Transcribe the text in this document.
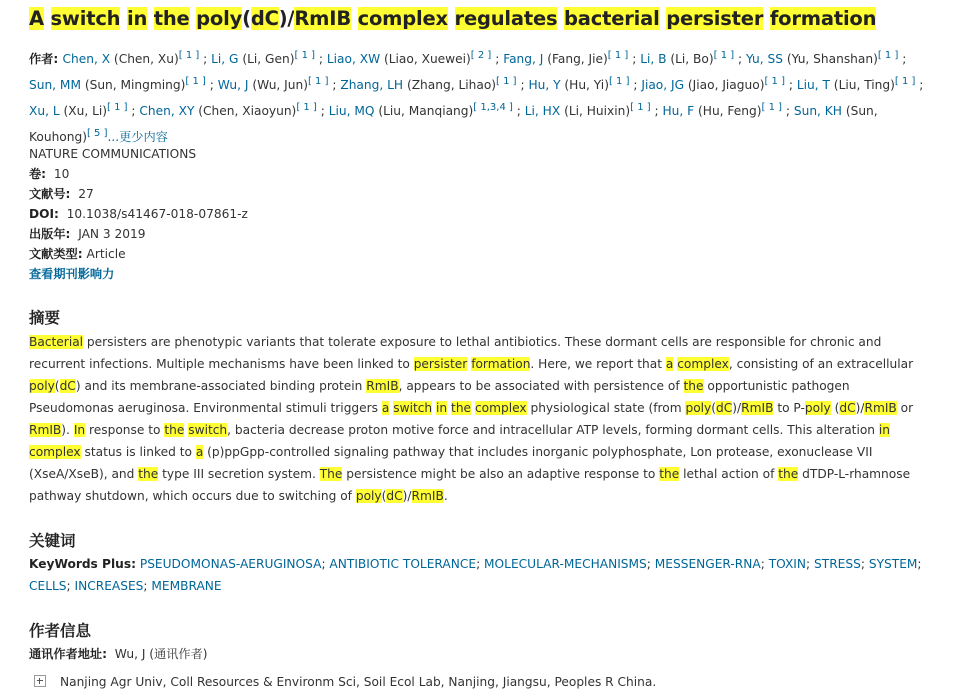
A switch in the poly(dC)/RmIB complex regulates bacterial persister formation
作者: Chen, X (Chen, Xu)[ 1 ] ; Li, G (Li, Gen)[ 1 ] ; Liao, XW (Liao, Xuewei)[ 2 ] ; Fang, J (Fang, Jie)[ 1 ] ; Li, B (Li, Bo)[ 1 ] ; Yu, SS (Yu, Shanshan)[ 1 ] ; Sun, MM (Sun, Mingming)[ 1 ] ; Wu, J (Wu, Jun)[ 1 ] ; Zhang, LH (Zhang, Lihao)[ 1 ] ; Hu, Y (Hu, Yi)[ 1 ] ; Jiao, JG (Jiao, Jiaguo)[ 1 ] ; Liu, T (Liu, Ting)[ 1 ] ; Xu, L (Xu, Li)[ 1 ] ; Chen, XY (Chen, Xiaoyun)[ 1 ] ; Liu, MQ (Liu, Manqiang)[ 1,3,4 ] ; Li, HX (Li, Huixin)[ 1 ] ; Hu, F (Hu, Feng)[ 1 ] ; Sun, KH (Sun, Kouhong)[ 5 ]...更少内容
NATURE COMMUNICATIONS
卷: 10
文献号: 27
DOI: 10.1038/s41467-018-07861-z
出版年: JAN 3 2019
文献类型: Article
查看期刊影响力
摘要
Bacterial persisters are phenotypic variants that tolerate exposure to lethal antibiotics. These dormant cells are responsible for chronic and recurrent infections. Multiple mechanisms have been linked to persister formation. Here, we report that a complex, consisting of an extracellular poly(dC) and its membrane-associated binding protein RmIB, appears to be associated with persistence of the opportunistic pathogen Pseudomonas aeruginosa. Environmental stimuli triggers a switch in the complex physiological state (from poly(dC)/RmIB to P-poly (dC)/RmIB or RmIB). In response to the switch, bacteria decrease proton motive force and intracellular ATP levels, forming dormant cells. This alteration in complex status is linked to a (p)ppGpp-controlled signaling pathway that includes inorganic polyphosphate, Lon protease, exonuclease VII (XseA/XseB), and the type III secretion system. The persistence might be also an adaptive response to the lethal action of the dTDP-L-rhamnose pathway shutdown, which occurs due to switching of poly(dC)/RmIB.
关键词
KeyWords Plus: PSEUDOMONAS-AERUGINOSA; ANTIBIOTIC TOLERANCE; MOLECULAR-MECHANISMS; MESSENGER-RNA; TOXIN; STRESS; SYSTEM; CELLS; INCREASES; MEMBRANE
作者信息
通讯作者地址: Wu, J (通讯作者)
Nanjing Agr Univ, Coll Resources & Environm Sci, Soil Ecol Lab, Nanjing, Jiangsu, Peoples R China.
